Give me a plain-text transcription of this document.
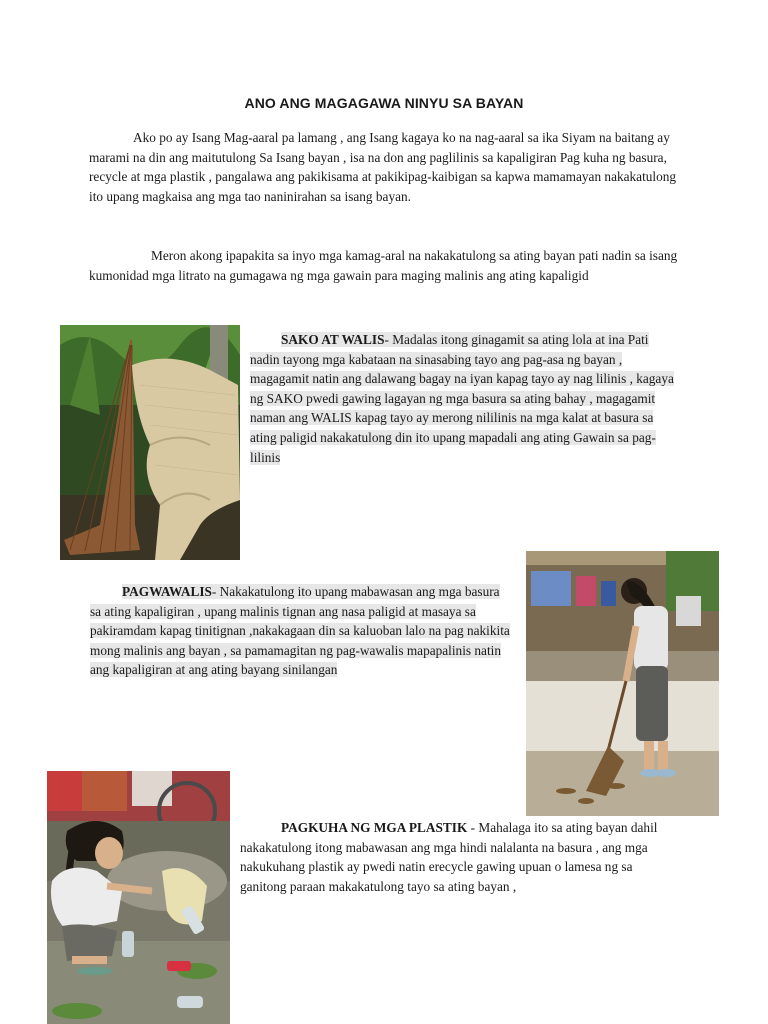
ANO ANG MAGAGAWA NINYU SA BAYAN
Ako po ay Isang Mag-aaral pa lamang , ang Isang kagaya ko na nag-aaral sa ika Siyam na baitang ay marami na din ang maitutulong Sa Isang bayan , isa na don ang paglilinis sa kapaligiran Pag kuha ng basura, recycle at mga plastik , pangalawa ang pakikisama at pakikipag-kaibigan sa kapwa mamamayan nakakatulong ito upang magkaisa ang mga tao naninirahan sa isang bayan.
Meron akong ipapakita sa inyo mga kamag-aral na nakakatulong sa ating bayan pati nadin sa isang kumonidad mga litrato na gumagawa ng mga gawain para maging malinis ang ating kapaligid
SAKO AT WALIS- Madalas itong ginagamit sa ating lola at ina Pati nadin tayong mga kabataan na sinasabing tayo ang pag-asa ng bayan , magagamit natin ang dalawang bagay na iyan kapag tayo ay nag lilinis , kagaya ng SAKO pwedi gawing lagayan ng mga basura sa ating bahay , magagamit naman ang WALIS kapag tayo ay merong nililinis na mga kalat at basura sa ating paligid nakakatulong din ito upang mapadali ang ating Gawain sa pag-lilinis
PAGWAWALIS- Nakakatulong ito upang mabawasan ang mga basura sa ating kapaligiran , upang malinis tignan ang nasa paligid at masaya sa pakiramdam kapag tinitignan ,nakakagaan din sa kaluoban lalo na pag nakikita mong malinis ang bayan , sa pamamagitan ng pag-wawalis mapapalinis natin ang kapaligiran at ang ating bayang sinilangan
PAGKUHA NG MGA PLASTIK - Mahalaga ito sa ating bayan dahil nakakatulong itong mabawasan ang mga hindi nalalanta na basura , ang mga nakukuhang plastik ay pwedi natin erecycle gawing upuan o lamesa ng sa ganitong paraan makakatulong tayo sa ating bayan ,
